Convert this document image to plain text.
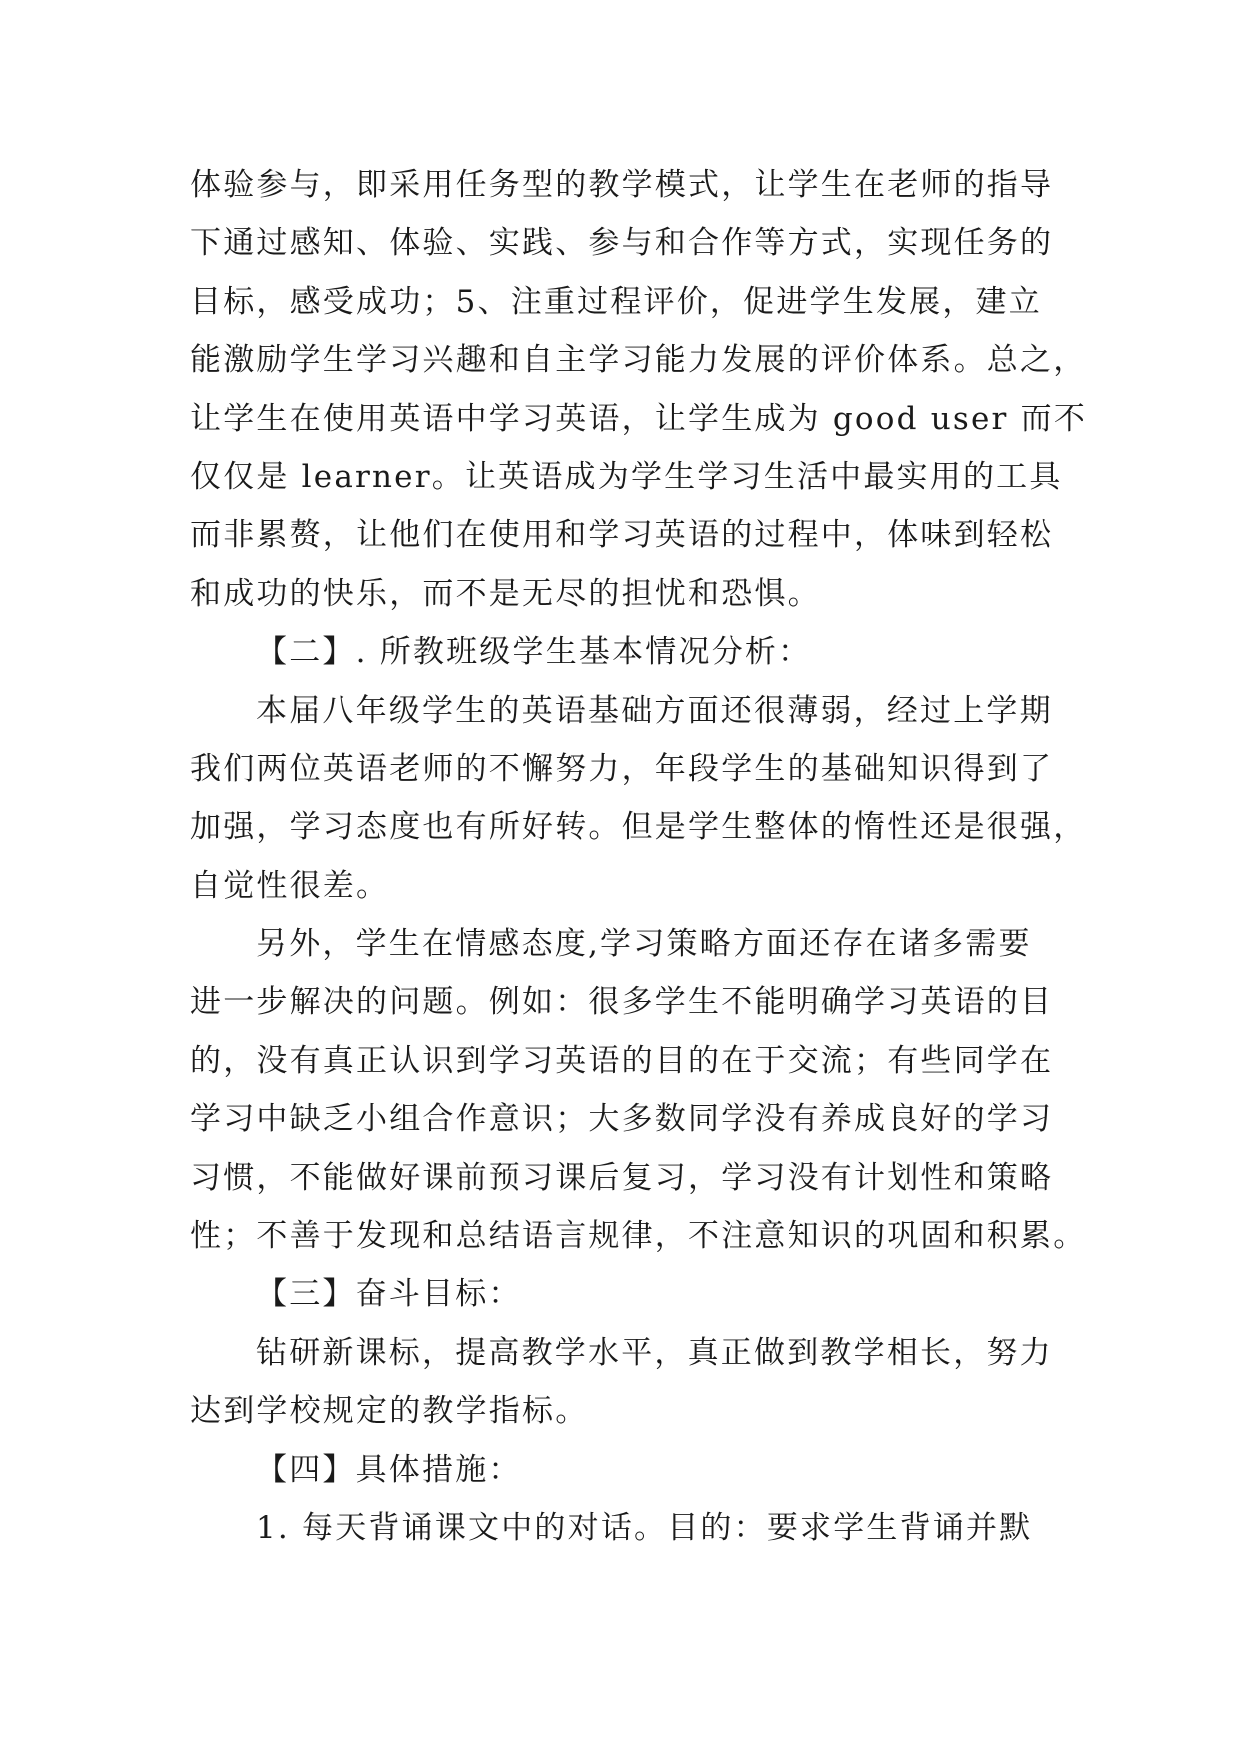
体验参与，即采用任务型的教学模式，让学生在老师的指导
下通过感知、体验、实践、参与和合作等方式，实现任务的
目标，感受成功；5、注重过程评价，促进学生发展，建立
能激励学生学习兴趣和自主学习能力发展的评价体系。总之，
让学生在使用英语中学习英语，让学生成为 good user 而不
仅仅是 learner。让英语成为学生学习生活中最实用的工具
而非累赘，让他们在使用和学习英语的过程中，体味到轻松
和成功的快乐，而不是无尽的担忧和恐惧。
【二】. 所教班级学生基本情况分析：
本届八年级学生的英语基础方面还很薄弱，经过上学期
我们两位英语老师的不懈努力，年段学生的基础知识得到了
加强，学习态度也有所好转。但是学生整体的惰性还是很强，
自觉性很差。
另外，学生在情感态度,学习策略方面还存在诸多需要
进一步解决的问题。例如：很多学生不能明确学习英语的目
的，没有真正认识到学习英语的目的在于交流；有些同学在
学习中缺乏小组合作意识；大多数同学没有养成良好的学习
习惯，不能做好课前预习课后复习，学习没有计划性和策略
性；不善于发现和总结语言规律，不注意知识的巩固和积累。
【三】奋斗目标：
钻研新课标，提高教学水平，真正做到教学相长，努力
达到学校规定的教学指标。
【四】具体措施：
1. 每天背诵课文中的对话。目的：要求学生背诵并默
